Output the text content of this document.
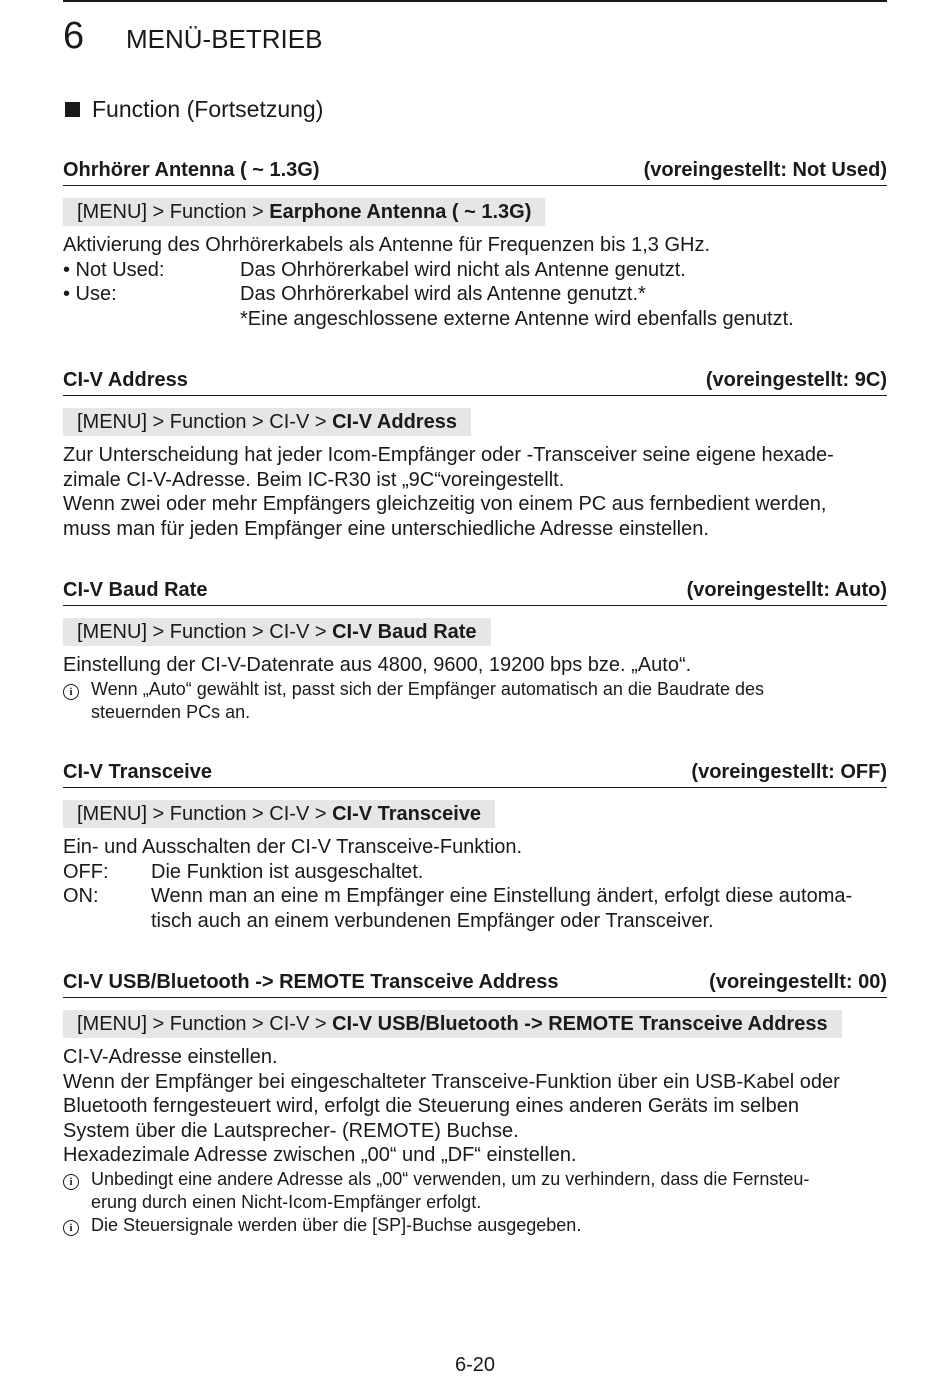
6	MENÜ-BETRIEB
Function (Fortsetzung)
Ohrhörer Antenna ( ~ 1.3G)	(voreingestellt: Not Used)
[MENU] > Function > Earphone Antenna ( ~ 1.3G)

Aktivierung des Ohrhörerkabels als Antenne für Frequenzen bis 1,3 GHz.

• Not Used:	Das Ohrhörerkabel wird nicht als Antenne genutzt.
• Use:	Das Ohrhörerkabel wird als Antenne genutzt.*

*Eine angeschlossene externe Antenne wird ebenfalls genutzt.

CI-V Address	(voreingestellt: 9C)
[MENU] > Function > CI-V > CI-V Address

Zur Unterscheidung hat jeder Icom-Empfänger oder -Transceiver seine eigene hexade-

zimale CI-V-Adresse. Beim IC-R30 ist „9C“voreingestellt.

Wenn zwei oder mehr Empfängers gleichzeitig von einem PC aus fernbedient werden,

muss man für jeden Empfänger eine unterschiedliche Adresse einstellen.

CI-V Baud Rate	(voreingestellt: Auto)
[MENU] > Function > CI-V > CI-V Baud Rate

Einstellung der CI-V-Datenrate aus 4800, 9600, 19200 bps bze. „Auto“.

i	Wenn „Auto“ gewählt ist, passt sich der Empfänger automatisch an die Baudrate des
steuernden PCs an.
CI-V Transceive	(voreingestellt: OFF)
[MENU] > Function > CI-V > CI-V Transceive

Ein- und Ausschalten der CI-V Transceive-Funktion.

OFF:	Die Funktion ist ausgeschaltet.
ON:	Wenn man an eine m Empfänger eine Einstellung ändert, erfolgt diese automa-
tisch auch an einem verbundenen Empfänger oder Transceiver.
CI-V USB/Bluetooth -> REMOTE Transceive Address	(voreingestellt: 00)
[MENU] > Function > CI-V > CI-V USB/Bluetooth -> REMOTE Transceive Address

CI-V-Adresse einstellen.

Wenn der Empfänger bei eingeschalteter Transceive-Funktion über ein USB-Kabel oder

Bluetooth ferngesteuert wird, erfolgt die Steuerung eines anderen Geräts im selben

System über die Lautsprecher- (REMOTE) Buchse.

Hexadezimale Adresse zwischen „00“ und „DF“ einstellen.

i	Unbedingt eine andere Adresse als „00“ verwenden, um zu verhindern, dass die Fernsteu-
erung durch einen Nicht-Icom-Empfänger erfolgt.
i	Die Steuersignale werden über die [SP]-Buchse ausgegeben.
6-20
